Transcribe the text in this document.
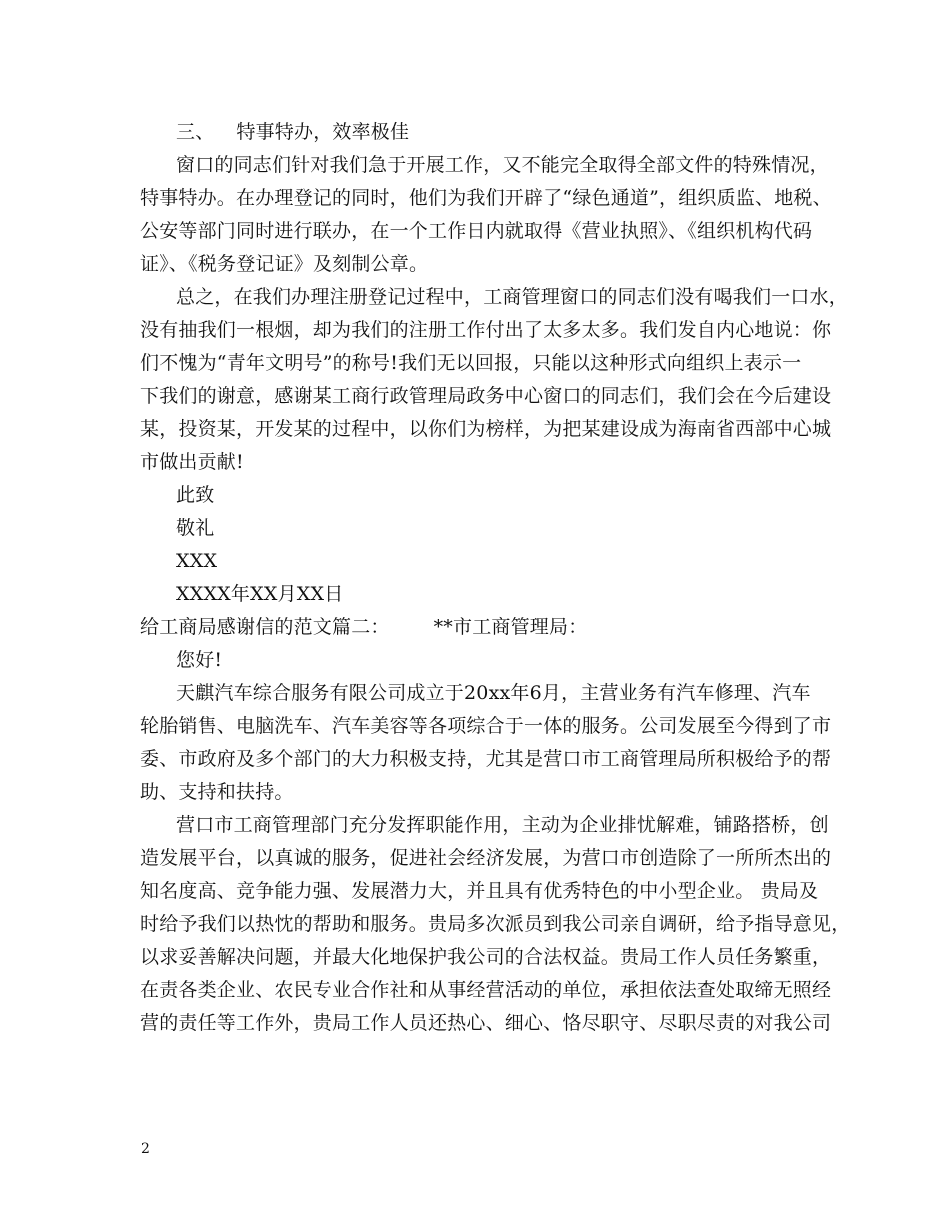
三、 特事特办，效率极佳
窗口的同志们针对我们急于开展工作，又不能完全取得全部文件的特殊情况，
特事特办。在办理登记的同时，他们为我们开辟了“绿色通道”，组织质监、地税、
公安等部门同时进行联办，在一个工作日内就取得《营业执照》、《组织机构代码
证》、《税务登记证》及刻制公章。
总之，在我们办理注册登记过程中，工商管理窗口的同志们没有喝我们一口水，
没有抽我们一根烟，却为我们的注册工作付出了太多太多。我们发自内心地说：你
们不愧为“青年文明号”的称号!我们无以回报，只能以这种形式向组织上表示一
下我们的谢意，感谢某工商行政管理局政务中心窗口的同志们，我们会在今后建设
某，投资某，开发某的过程中，以你们为榜样，为把某建设成为海南省西部中心城
市做出贡献!
此致
敬礼
XXX
XXXX年XX月XX日
给工商局感谢信的范文篇二： **市工商管理局：
您好!
天麒汽车综合服务有限公司成立于20xx年6月，主营业务有汽车修理、汽车
轮胎销售、电脑洗车、汽车美容等各项综合于一体的服务。公司发展至今得到了市
委、市政府及多个部门的大力积极支持，尤其是营口市工商管理局所积极给予的帮
助、支持和扶持。
营口市工商管理部门充分发挥职能作用，主动为企业排忧解难，铺路搭桥，创
造发展平台，以真诚的服务，促进社会经济发展，为营口市创造除了一所所杰出的
知名度高、竞争能力强、发展潜力大，并且具有优秀特色的中小型企业。 贵局及
时给予我们以热忱的帮助和服务。贵局多次派员到我公司亲自调研，给予指导意见，
以求妥善解决问题，并最大化地保护我公司的合法权益。贵局工作人员任务繁重，
在责各类企业、农民专业合作社和从事经营活动的单位，承担依法查处取缔无照经
营的责任等工作外，贵局工作人员还热心、细心、恪尽职守、尽职尽责的对我公司
2
